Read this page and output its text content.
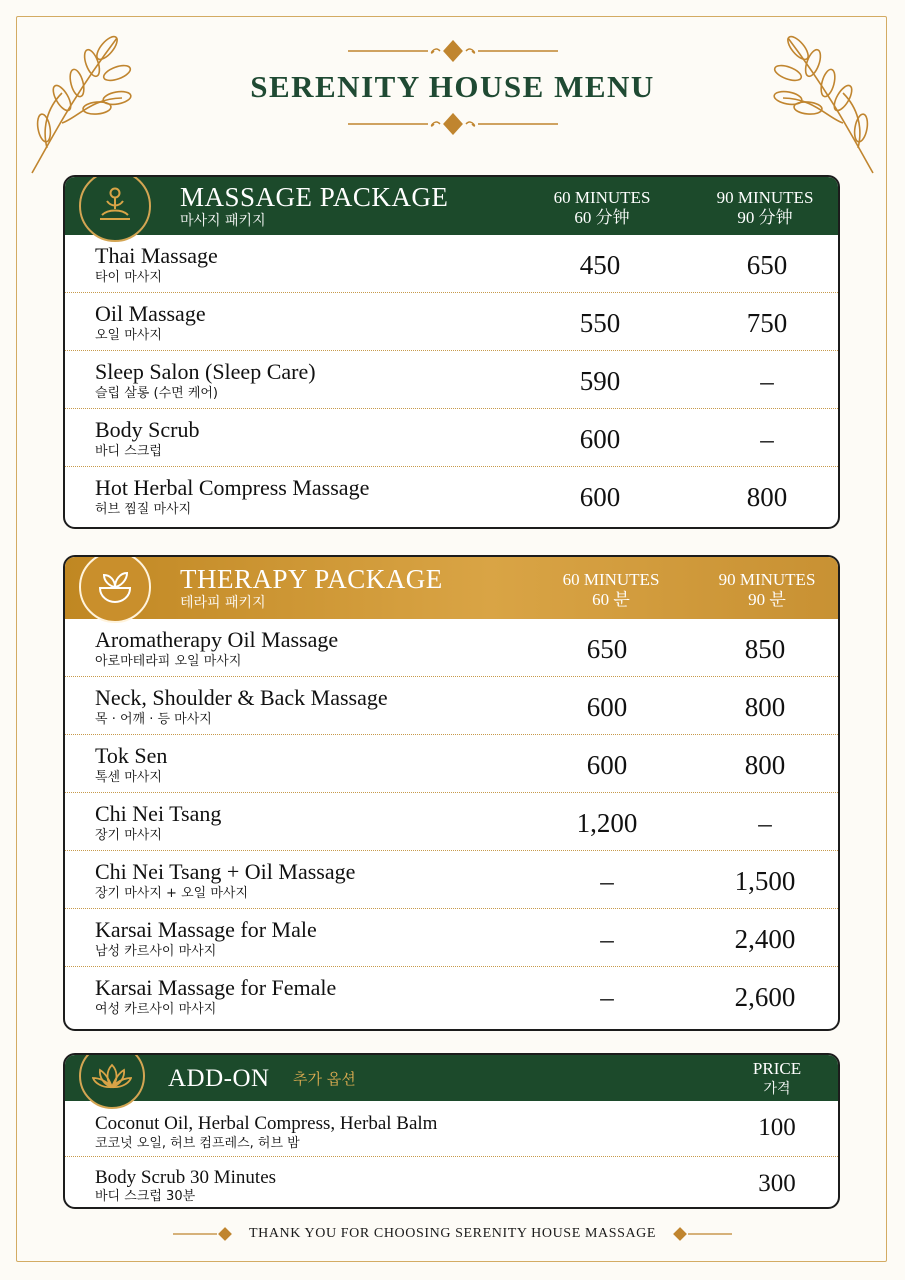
SERENITY HOUSE MENU
MASSAGE PACKAGE
마사지 패키지
60 MINUTES
60 分钟
90 MINUTES
90 分钟
Thai Massage
타이 마사지	450	650
Oil Massage
오일 마사지	550	750
Sleep Salon (Sleep Care)
슬립 살롱 (수면 케어)	590	–
Body Scrub
바디 스크럽	600	–
Hot Herbal Compress Massage
허브 찜질 마사지	600	800
THERAPY PACKAGE
테라피 패키지
60 MINUTES
60 분
90 MINUTES
90 분
Aromatherapy Oil Massage
아로마테라피 오일 마사지	650	850
Neck, Shoulder & Back Massage
목 · 어깨 · 등 마사지	600	800
Tok Sen
톡센 마사지	600	800
Chi Nei Tsang
장기 마사지	1,200	–
Chi Nei Tsang + Oil Massage
장기 마사지 + 오일 마사지	–	1,500
Karsai Massage for Male
남성 카르사이 마사지	–	2,400
Karsai Massage for Female
여성 카르사이 마사지	–	2,600
ADD-ON 추가 옵션
PRICE
가격
Coconut Oil, Herbal Compress, Herbal Balm
코코넛 오일, 허브 컴프레스, 허브 밤
100
Body Scrub 30 Minutes
바디 스크럽 30분	300
THANK YOU FOR CHOOSING SERENITY HOUSE MASSAGE
